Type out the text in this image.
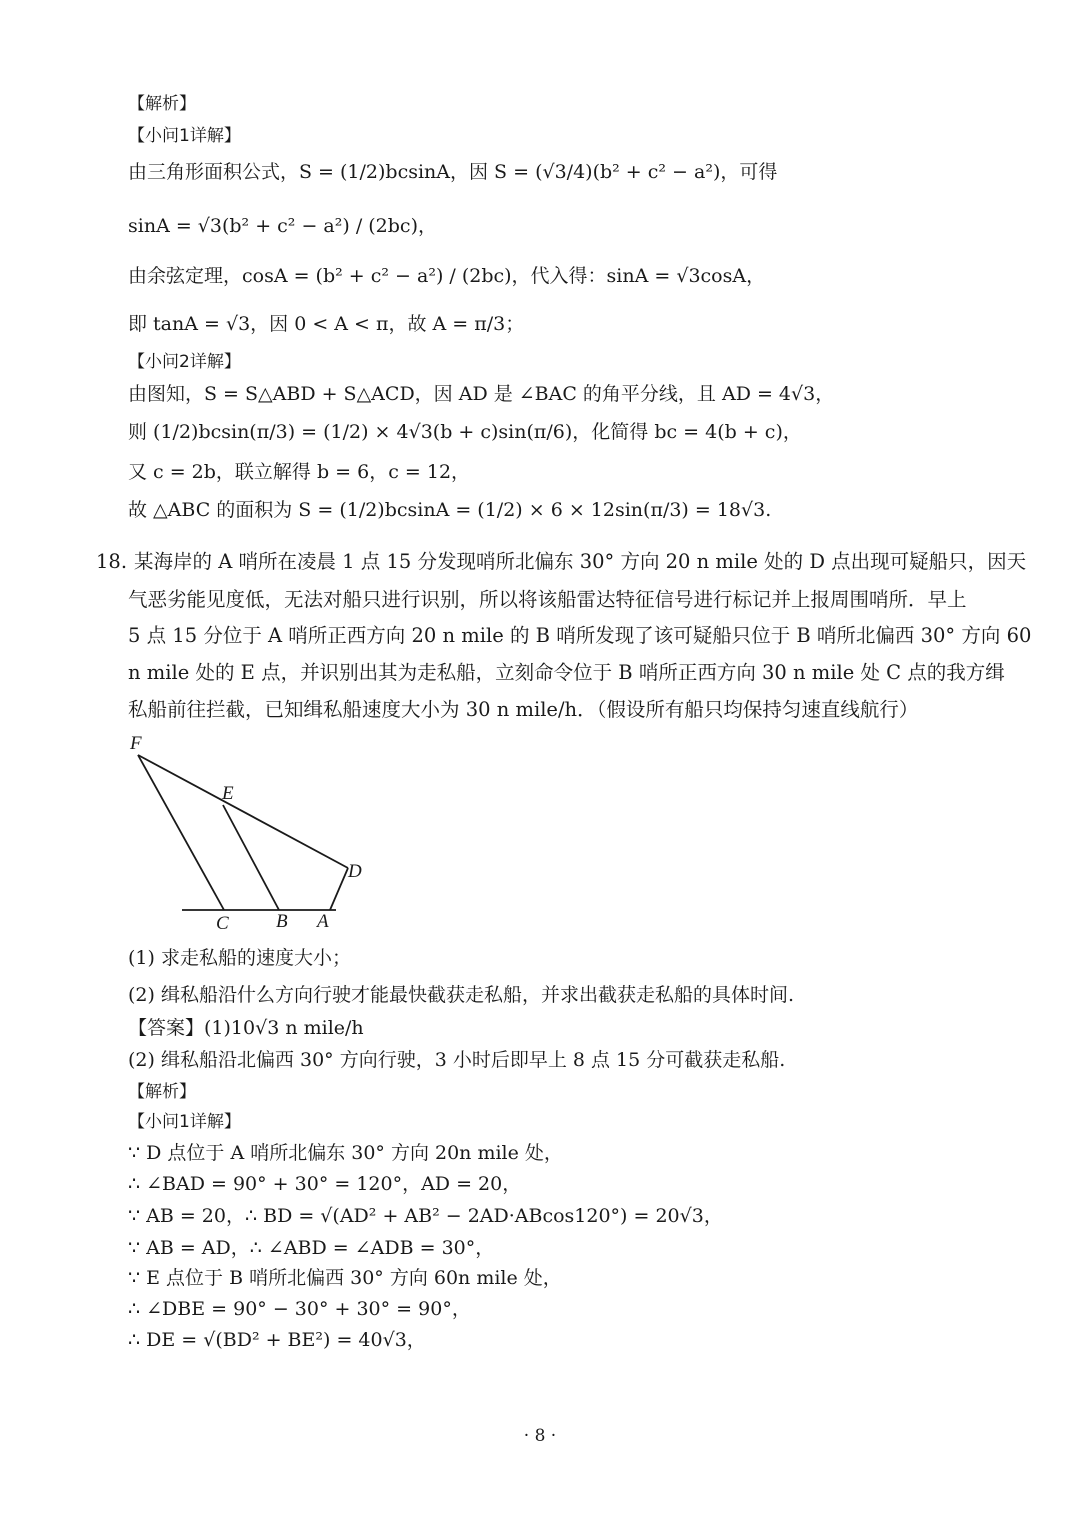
【解析】
【小问1详解】
由三角形面积公式，S = (1/2)bcsinA，因 S = (√3/4)(b² + c² − a²)，可得
sinA = √3(b² + c² − a²) / (2bc)，
由余弦定理，cosA = (b² + c² − a²) / (2bc)，代入得：sinA = √3cosA，
即 tanA = √3，因 0 < A < π，故 A = π/3；
【小问2详解】
由图知，S = S△ABD + S△ACD，因 AD 是 ∠BAC 的角平分线，且 AD = 4√3，
则 (1/2)bcsin(π/3) = (1/2) × 4√3(b + c)sin(π/6)，化简得 bc = 4(b + c)，
又 c = 2b，联立解得 b = 6，c = 12，
故 △ABC 的面积为 S = (1/2)bcsinA = (1/2) × 6 × 12sin(π/3) = 18√3.
18. 某海岸的 A 哨所在凌晨 1 点 15 分发现哨所北偏东 30° 方向 20 n mile 处的 D 点出现可疑船只，因天
气恶劣能见度低，无法对船只进行识别，所以将该船雷达特征信号进行标记并上报周围哨所．早上
5 点 15 分位于 A 哨所正西方向 20 n mile 的 B 哨所发现了该可疑船只位于 B 哨所北偏西 30° 方向 60
n mile 处的 E 点，并识别出其为走私船，立刻命令位于 B 哨所正西方向 30 n mile 处 C 点的我方缉
私船前往拦截，已知缉私船速度大小为 30 n mile/h．（假设所有船只均保持匀速直线航行）
F
E
D
C B A
(1) 求走私船的速度大小；
(2) 缉私船沿什么方向行驶才能最快截获走私船，并求出截获走私船的具体时间.
【答案】(1)10√3 n mile/h
(2) 缉私船沿北偏西 30° 方向行驶，3 小时后即早上 8 点 15 分可截获走私船.
【解析】
【小问1详解】
∵ D 点位于 A 哨所北偏东 30° 方向 20n mile 处，
∴ ∠BAD = 90° + 30° = 120°，AD = 20，
∵ AB = 20，∴ BD = √(AD² + AB² − 2AD·ABcos120°) = 20√3，
∵ AB = AD，∴ ∠ABD = ∠ADB = 30°，
∵ E 点位于 B 哨所北偏西 30° 方向 60n mile 处，
∴ ∠DBE = 90° − 30° + 30° = 90°，
∴ DE = √(BD² + BE²) = 40√3，
· 8 ·
